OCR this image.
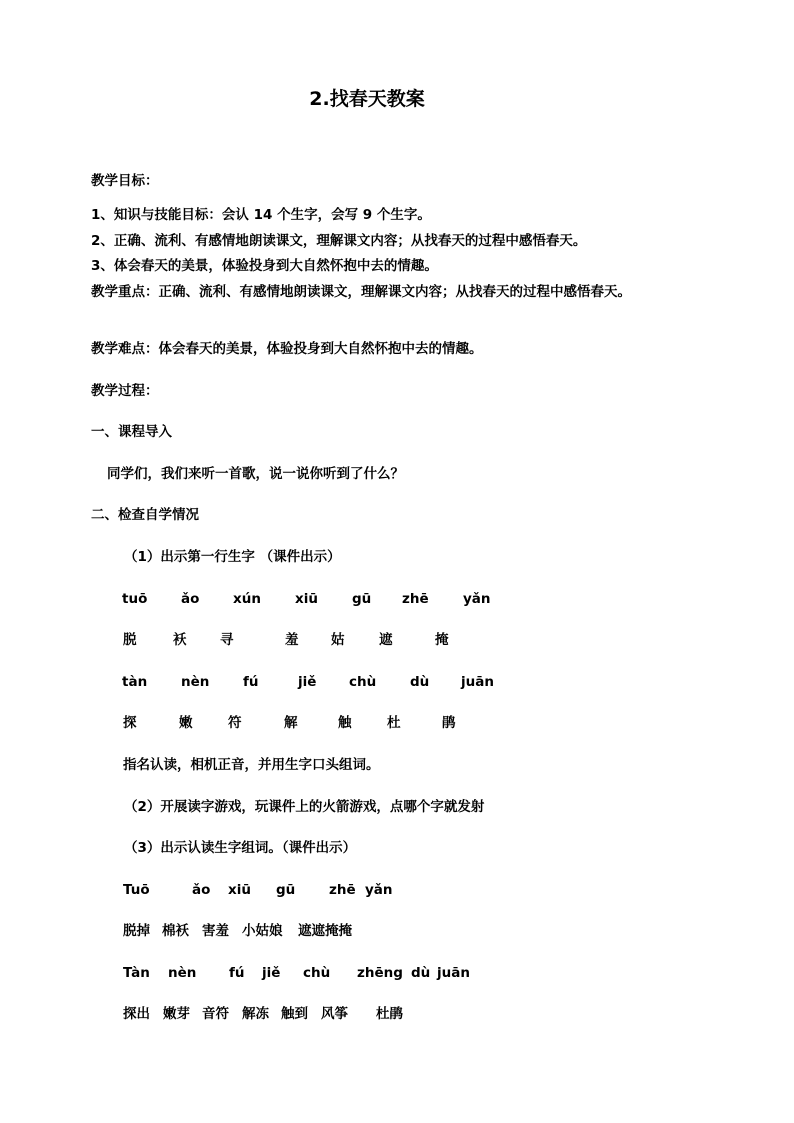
2.找春天教案
教学目标：
1、知识与技能目标：会认 14 个生字，会写 9 个生字。
2、正确、流利、有感情地朗读课文，理解课文内容；从找春天的过程中感悟春天。
3、体会春天的美景，体验投身到大自然怀抱中去的情趣。
教学重点：正确、流利、有感情地朗读课文，理解课文内容；从找春天的过程中感悟春天。
教学难点：体会春天的美景，体验投身到大自然怀抱中去的情趣。
教学过程：
一、课程导入
同学们，我们来听一首歌，说一说你听到了什么？
二、检查自学情况
（1）出示第一行生字 （课件出示）
tuō ǎo xún	xiū	gū zhē	yǎn
脱	袄 寻	羞 姑	遮	掩
tàn	nèn fú	jiě chù	dù juān
探	嫩	符	解	触	杜	鹃
指名认读，相机正音，并用生字口头组词。
（2）开展读字游戏，玩课件上的火箭游戏，点哪个字就发射
（3）出示认读生字组词。（课件出示）
Tuō	ǎo xiū gū zhē yǎn
脱掉 棉袄 害羞 小姑娘 遮遮掩掩
Tàn nèn fú jiě chù zhēng dù juān
探出 嫩芽 音符 解冻 触到 风筝 杜鹃
